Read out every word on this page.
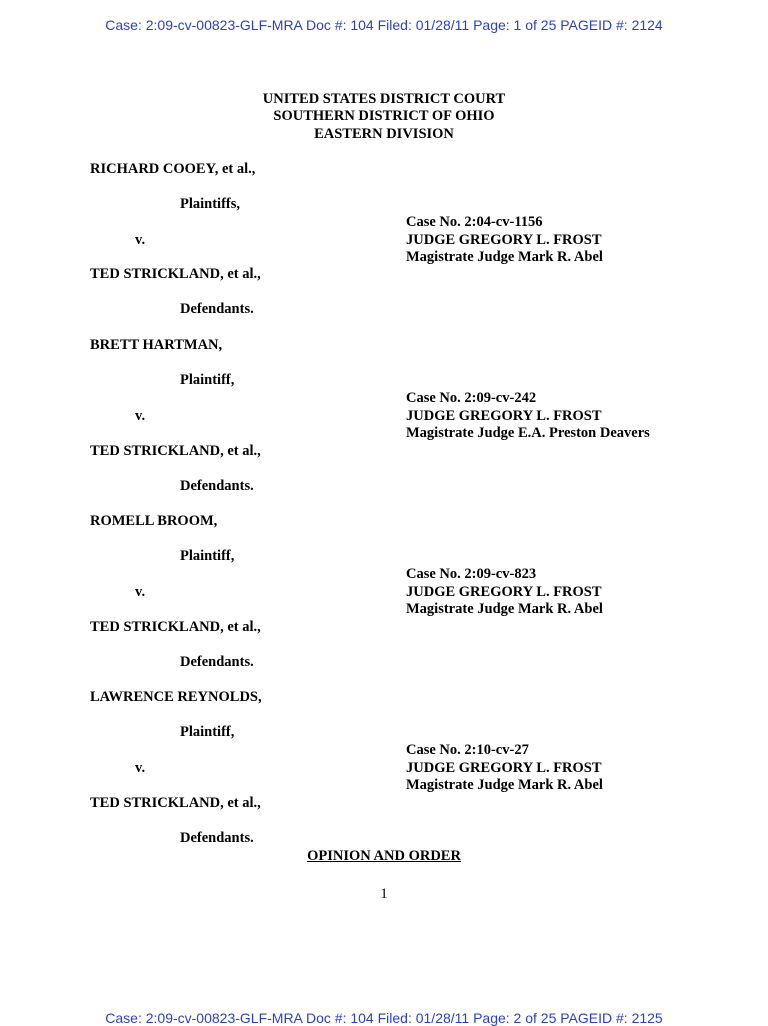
Case: 2:09-cv-00823-GLF-MRA Doc #: 104 Filed: 01/28/11 Page: 1 of 25 PAGEID #: 2124
UNITED STATES DISTRICT COURT
SOUTHERN DISTRICT OF OHIO
EASTERN DIVISION
RICHARD COOEY, et al.,
Plaintiffs,
Case No. 2:04-cv-1156
v.	JUDGE GREGORY L. FROST
Magistrate Judge Mark R. Abel
TED STRICKLAND, et al.,
Defendants.
BRETT HARTMAN,
Plaintiff,
Case No. 2:09-cv-242
v.	JUDGE GREGORY L. FROST
Magistrate Judge E.A. Preston Deavers
TED STRICKLAND, et al.,
Defendants.
ROMELL BROOM,
Plaintiff,
Case No. 2:09-cv-823
v.	JUDGE GREGORY L. FROST
Magistrate Judge Mark R. Abel
TED STRICKLAND, et al.,
Defendants.
LAWRENCE REYNOLDS,
Plaintiff,
Case No. 2:10-cv-27
v.	JUDGE GREGORY L. FROST
Magistrate Judge Mark R. Abel
TED STRICKLAND, et al.,
Defendants.
OPINION AND ORDER
1
Case: 2:09-cv-00823-GLF-MRA Doc #: 104 Filed: 01/28/11 Page: 2 of 25 PAGEID #: 2125
